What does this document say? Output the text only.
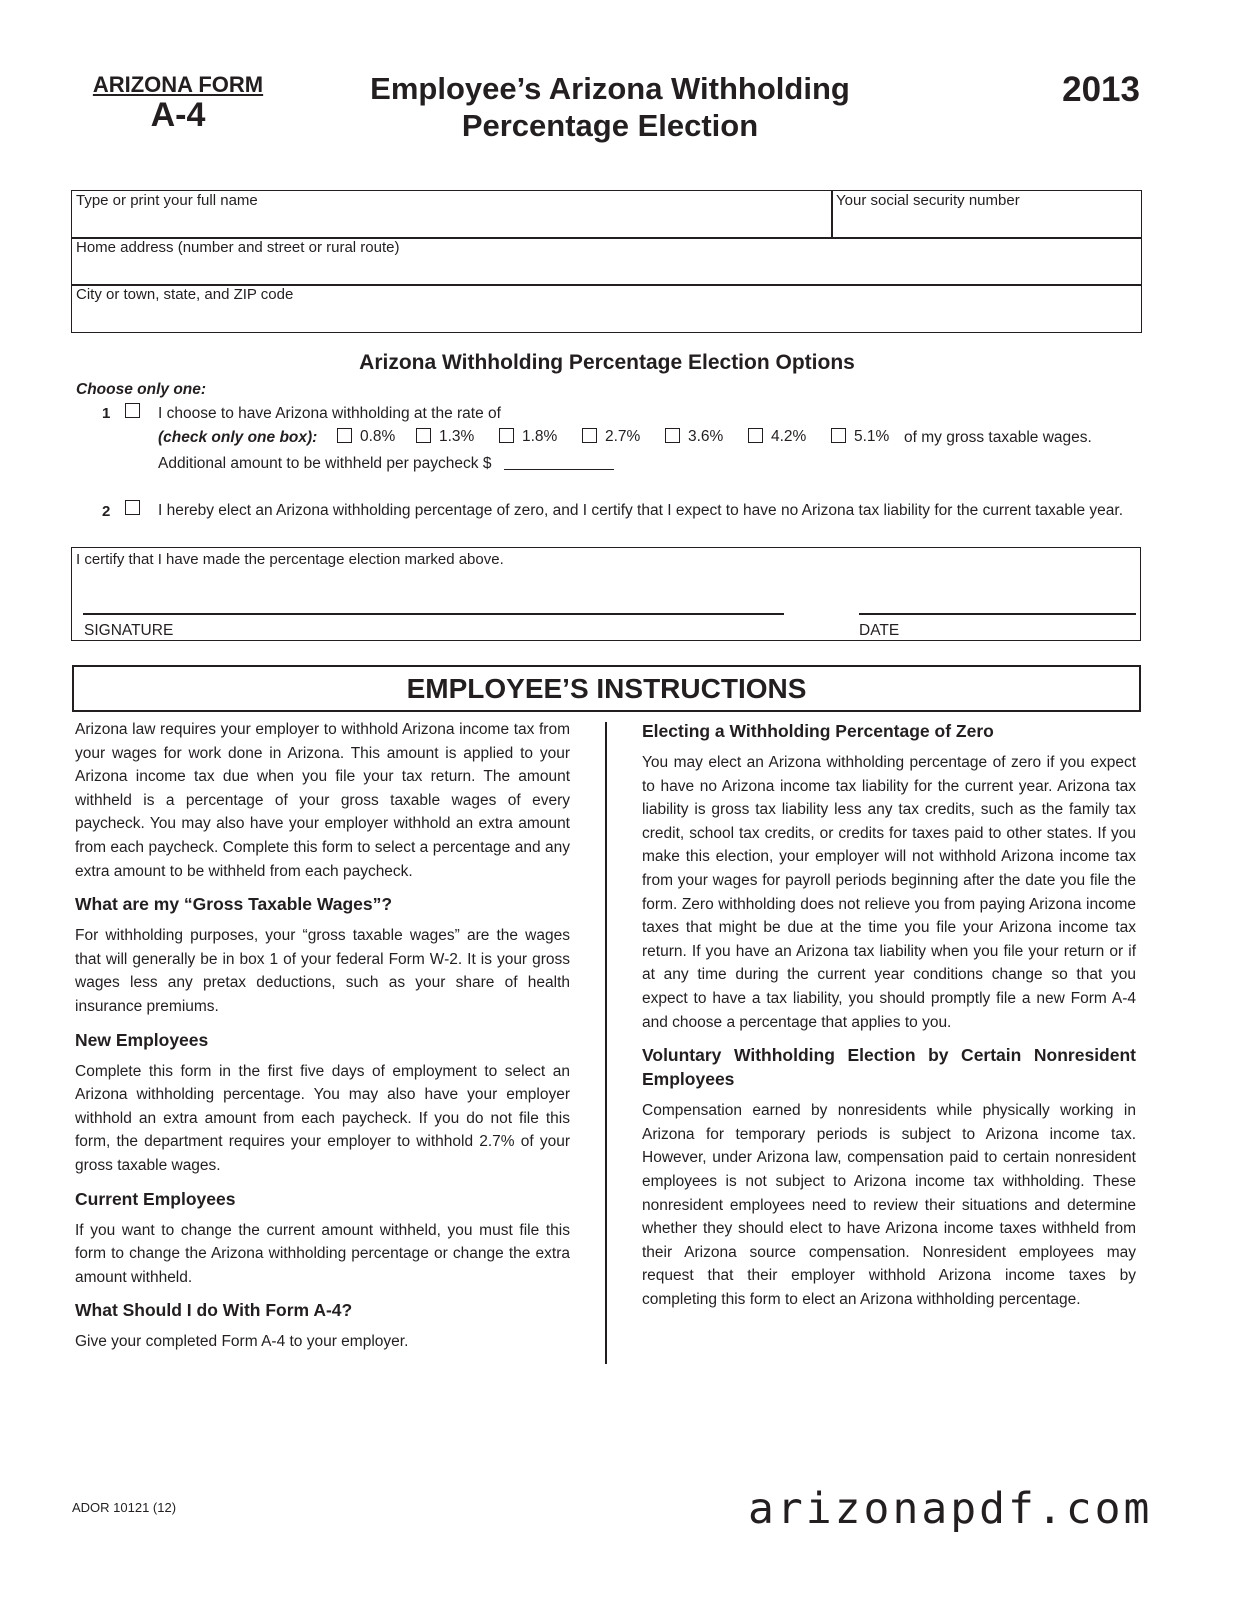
ARIZONA FORM
A-4
Employee’s Arizona Withholding
Percentage Election
2013
Type or print your full name	Your social security number
Home address (number and street or rural route)
City or town, state, and ZIP code
Arizona Withholding Percentage Election Options
Choose only one:
1	I choose to have Arizona withholding at the rate of
(check only one box):	0.8%	1.3%	1.8%	2.7%	3.6%	4.2%	5.1% of my gross taxable wages.
Additional amount to be withheld per paycheck $
2	I hereby elect an Arizona withholding percentage of zero, and I certify that I expect to have no Arizona tax liability for the current taxable year.
I certify that I have made the percentage election marked above.
SIGNATURE	DATE
EMPLOYEE’S INSTRUCTIONS

Arizona law requires your employer to withhold Arizona income tax from your wages for work done in Arizona. This amount is applied to your Arizona income tax due when you file your tax return. The amount withheld is a percentage of your gross taxable wages of every paycheck. You may also have your employer withhold an extra amount from each paycheck. Complete this form to select a percentage and any extra amount to be withheld from each paycheck.

What are my “Gross Taxable Wages”?

For withholding purposes, your “gross taxable wages” are the wages that will generally be in box 1 of your federal Form W-2. It is your gross wages less any pretax deductions, such as your share of health insurance premiums.

New Employees

Complete this form in the first five days of employment to select an Arizona withholding percentage. You may also have your employer withhold an extra amount from each paycheck. If you do not file this form, the department requires your employer to withhold 2.7% of your gross taxable wages.

Current Employees

If you want to change the current amount withheld, you must file this form to change the Arizona withholding percentage or change the extra amount withheld.

What Should I do With Form A-4?

Give your completed Form A-4 to your employer.

Electing a Withholding Percentage of Zero

You may elect an Arizona withholding percentage of zero if you expect to have no Arizona income tax liability for the current year. Arizona tax liability is gross tax liability less any tax credits, such as the family tax credit, school tax credits, or credits for taxes paid to other states. If you make this election, your employer will not withhold Arizona income tax from your wages for payroll periods beginning after the date you file the form. Zero withholding does not relieve you from paying Arizona income taxes that might be due at the time you file your Arizona income tax return. If you have an Arizona tax liability when you file your return or if at any time during the current year conditions change so that you expect to have a tax liability, you should promptly file a new Form A-4 and choose a percentage that applies to you.

Voluntary Withholding Election by Certain Nonresident Employees

Compensation earned by nonresidents while physically working in Arizona for temporary periods is subject to Arizona income tax. However, under Arizona law, compensation paid to certain nonresident employees is not subject to Arizona income tax withholding. These nonresident employees need to review their situations and determine whether they should elect to have Arizona income taxes withheld from their Arizona source compensation. Nonresident employees may request that their employer withhold Arizona income taxes by completing this form to elect an Arizona withholding percentage.

ADOR 10121 (12)	arizonapdf.com
